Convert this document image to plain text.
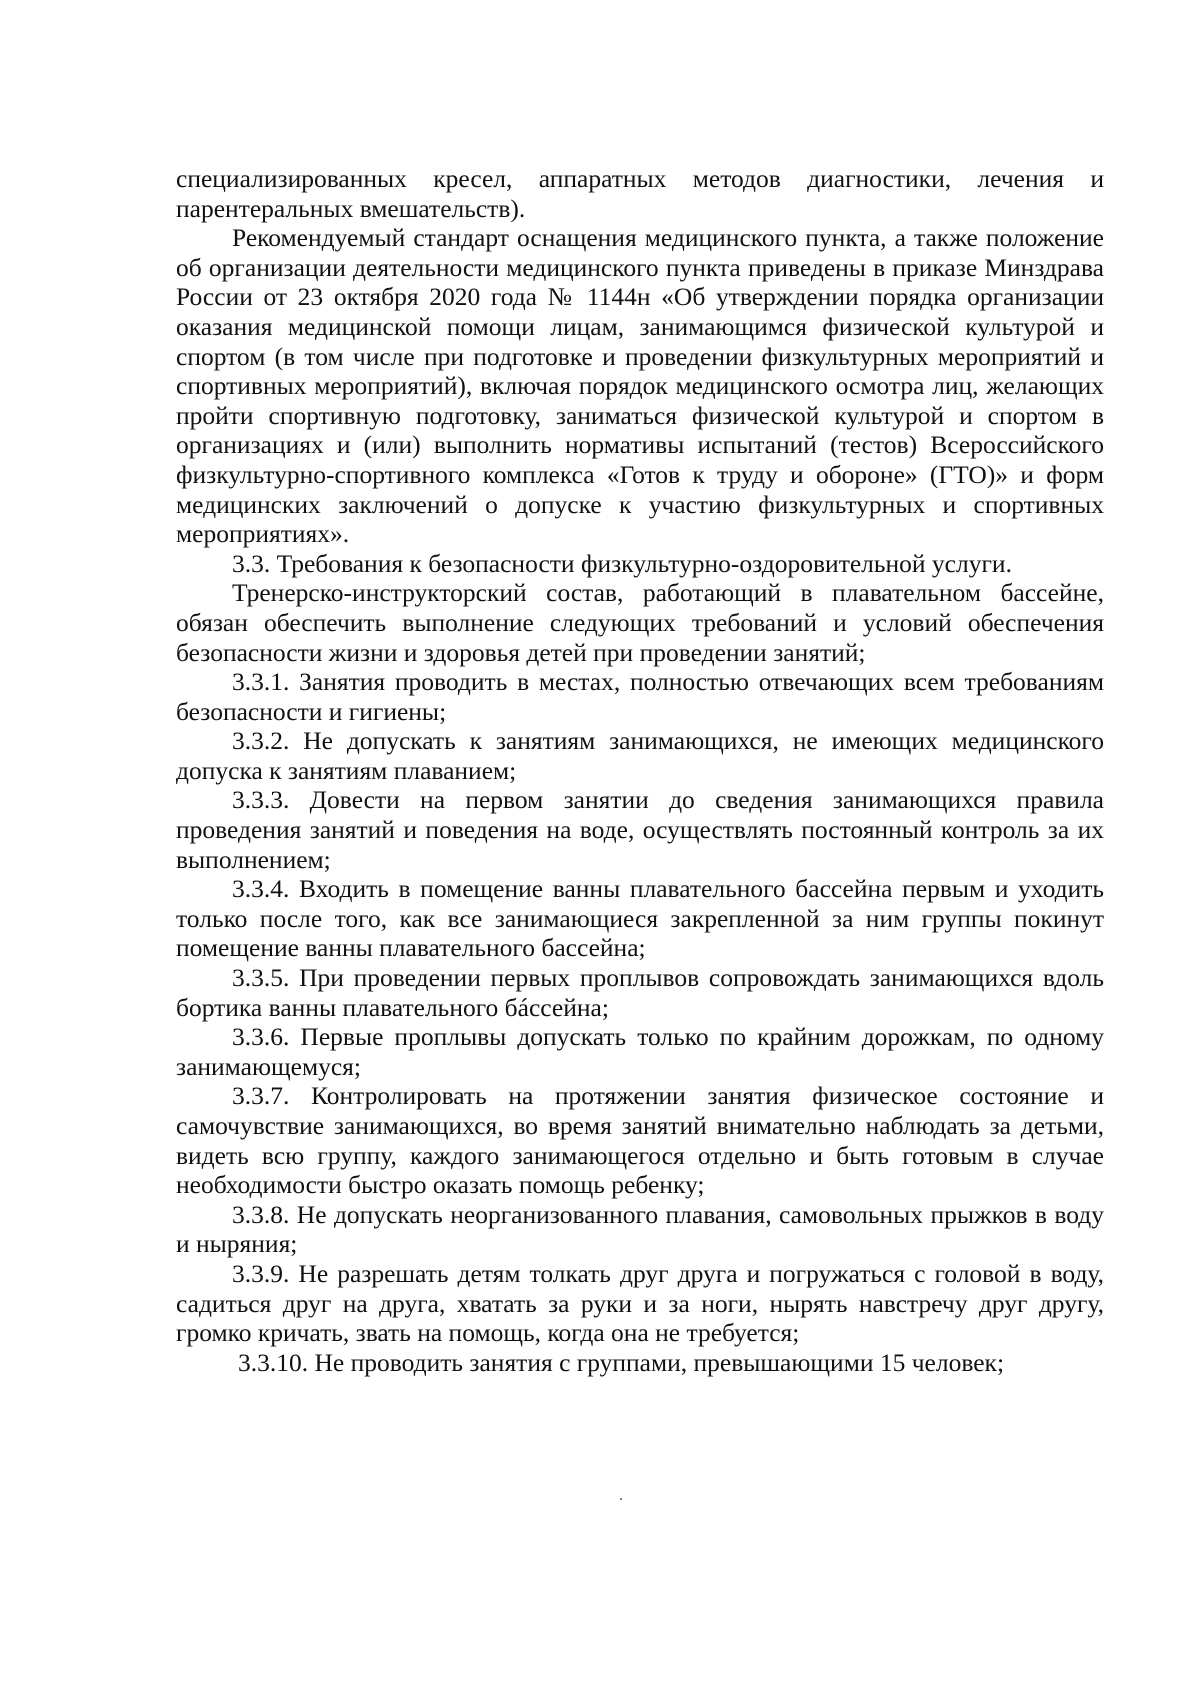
специализированных кресел, аппаратных методов диагностики, лечения и парентеральных вмешательств).

Рекомендуемый стандарт оснащения медицинского пункта, а также положение об организации деятельности медицинского пункта приведены в приказе Минздрава России от 23 октября 2020 года № 1144н «Об утверждении порядка организации оказания медицинской помощи лицам, занимающимся физической культурой и спортом (в том числе при подготовке и проведении физкультурных мероприятий и спортивных мероприятий), включая порядок медицинского осмотра лиц, желающих пройти спортивную подготовку, заниматься физической культурой и спортом в организациях и (или) выполнить нормативы испытаний (тестов) Всероссийского физкультурно-спортивного комплекса «Готов к труду и обороне» (ГТО)» и форм медицинских заключений о допуске к участию физкультурных и спортивных мероприятиях».

3.3. Требования к безопасности физкультурно-оздоровительной услуги.

Тренерско-инструкторский состав, работающий в плавательном бассейне, обязан обеспечить выполнение следующих требований и условий обеспечения безопасности жизни и здоровья детей при проведении занятий;

3.3.1. Занятия проводить в местах, полностью отвечающих всем требованиям безопасности и гигиены;

3.3.2. Не допускать к занятиям занимающихся, не имеющих медицинского допуска к занятиям плаванием;

3.3.3. Довести на первом занятии до сведения занимающихся правила проведения занятий и поведения на воде, осуществлять постоянный контроль за их выполнением;

3.3.4. Входить в помещение ванны плавательного бассейна первым и уходить только после того, как все занимающиеся закрепленной за ним группы покинут помещение ванны плавательного бассейна;

3.3.5. При проведении первых проплывов сопровождать занимающихся вдоль бортика ванны плавательного бáссейна;

3.3.6. Первые проплывы допускать только по крайним дорожкам, по одному занимающемуся;

3.3.7. Контролировать на протяжении занятия физическое состояние и самочувствие занимающихся, во время занятий внимательно наблюдать за детьми, видеть всю группу, каждого занимающегося отдельно и быть готовым в случае необходимости быстро оказать помощь ребенку;

3.3.8. Не допускать неорганизованного плавания, самовольных прыжков в воду и ныряния;

3.3.9. Не разрешать детям толкать друг друга и погружаться с головой в воду, садиться друг на друга, хватать за руки и за ноги, нырять навстречу друг другу, громко кричать, звать на помощь, когда она не требуется;

3.3.10. Не проводить занятия с группами, превышающими 15 человек;
